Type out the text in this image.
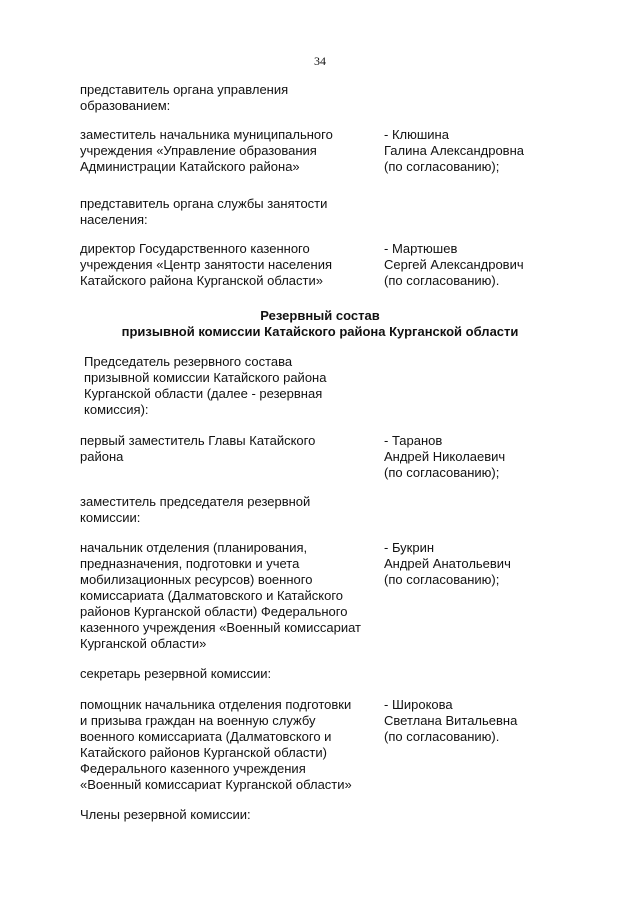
34
представитель органа управления
образованием:
заместитель начальника муниципального
учреждения «Управление образования
Администрации Катайского района»
- Клюшина
Галина Александровна
(по согласованию);
представитель органа службы занятости
населения:
директор Государственного казенного
учреждения «Центр занятости населения
Катайского района Курганской области»
- Мартюшев
Сергей Александрович
(по согласованию).
Резервный состав
призывной комиссии Катайского района Курганской области
Председатель резервного состава
призывной комиссии Катайского района
Курганской области (далее - резервная
комиссия):
первый заместитель Главы Катайского
района
- Таранов
Андрей Николаевич
(по согласованию);
заместитель председателя резервной
комиссии:
начальник отделения (планирования,
предназначения, подготовки и учета
мобилизационных ресурсов) военного
комиссариата (Далматовского и Катайского
районов Курганской области) Федерального
казенного учреждения «Военный комиссариат
Курганской области»
- Букрин
Андрей Анатольевич
(по согласованию);
секретарь резервной комиссии:
помощник начальника отделения подготовки
и призыва граждан на военную службу
военного комиссариата (Далматовского и
Катайского районов Курганской области)
Федерального казенного учреждения
«Военный комиссариат Курганской области»
- Широкова
Светлана Витальевна
(по согласованию).
Члены резервной комиссии:
